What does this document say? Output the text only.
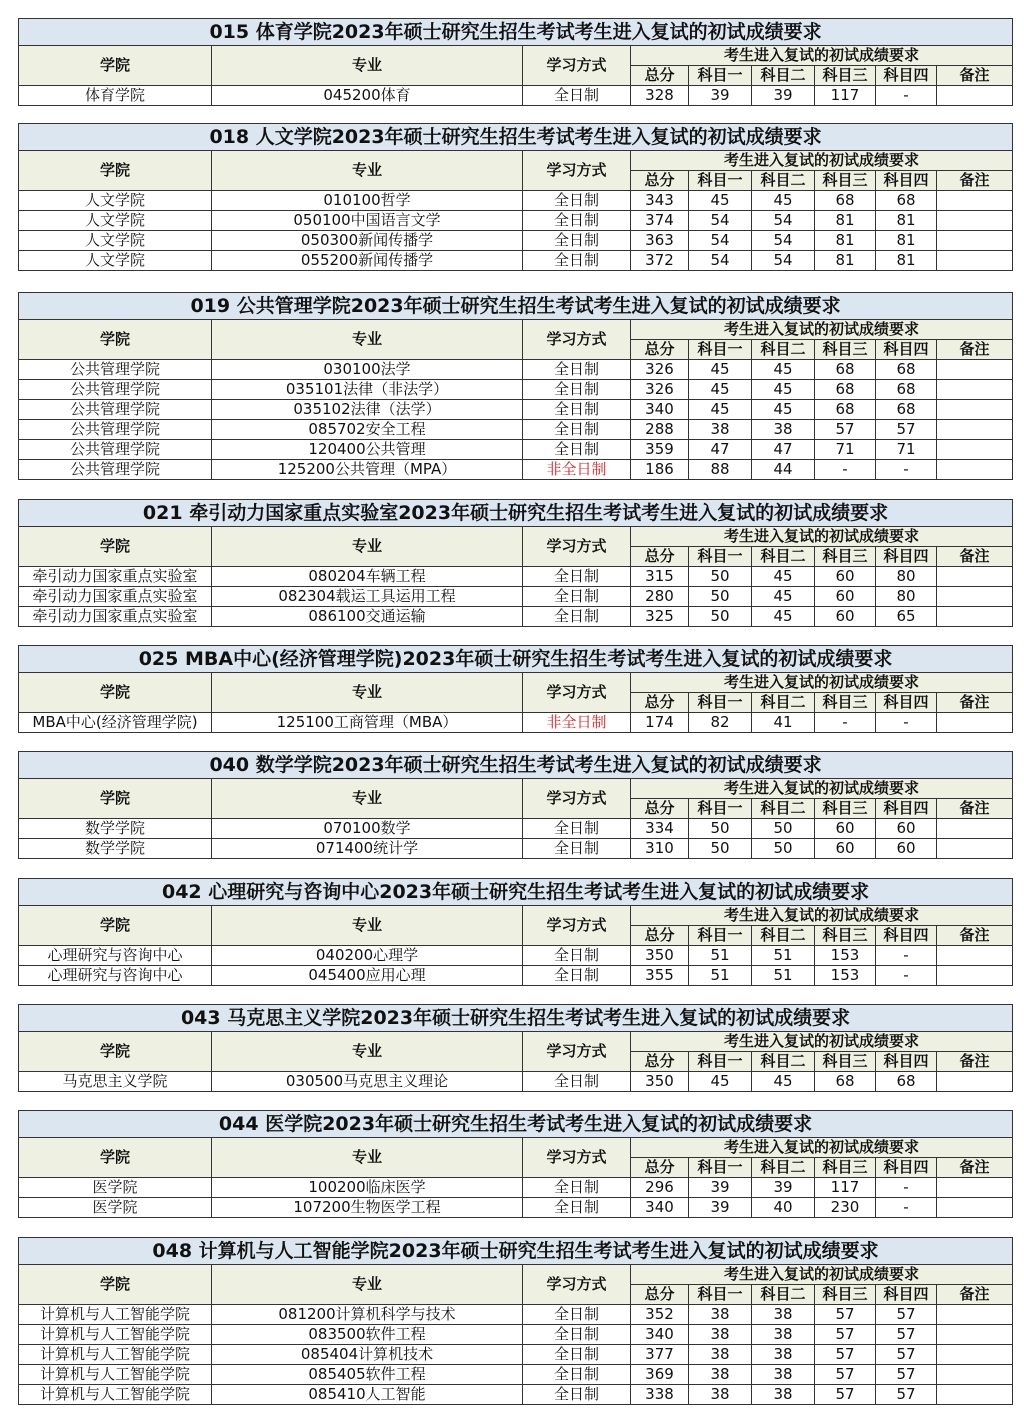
015 体育学院2023年硕士研究生招生考试考生进入复试的初试成绩要求								
学院	专业	学习方式	考生进入复试的初试成绩要求					
			总分	科目一	科目二	科目三	科目四	备注
体育学院	045200体育	全日制	328	39	39	117	-	
018 人文学院2023年硕士研究生招生考试考生进入复试的初试成绩要求								
学院	专业	学习方式	考生进入复试的初试成绩要求					
			总分	科目一	科目二	科目三	科目四	备注
人文学院	010100哲学	全日制	343	45	45	68	68	
人文学院	050100中国语言文学	全日制	374	54	54	81	81	
人文学院	050300新闻传播学	全日制	363	54	54	81	81	
人文学院	055200新闻传播学	全日制	372	54	54	81	81	
019 公共管理学院2023年硕士研究生招生考试考生进入复试的初试成绩要求								
学院	专业	学习方式	考生进入复试的初试成绩要求					
			总分	科目一	科目二	科目三	科目四	备注
公共管理学院	030100法学	全日制	326	45	45	68	68	
公共管理学院	035101法律（非法学）	全日制	326	45	45	68	68	
公共管理学院	035102法律（法学）	全日制	340	45	45	68	68	
公共管理学院	085702安全工程	全日制	288	38	38	57	57	
公共管理学院	120400公共管理	全日制	359	47	47	71	71	
公共管理学院	125200公共管理（MPA）	非全日制	186	88	44	-	-	
021 牵引动力国家重点实验室2023年硕士研究生招生考试考生进入复试的初试成绩要求								
学院	专业	学习方式	考生进入复试的初试成绩要求					
			总分	科目一	科目二	科目三	科目四	备注
牵引动力国家重点实验室	080204车辆工程	全日制	315	50	45	60	80	
牵引动力国家重点实验室	082304载运工具运用工程	全日制	280	50	45	60	80	
牵引动力国家重点实验室	086100交通运输	全日制	325	50	45	60	65	
025 MBA中心(经济管理学院)2023年硕士研究生招生考试考生进入复试的初试成绩要求								
学院	专业	学习方式	考生进入复试的初试成绩要求					
			总分	科目一	科目二	科目三	科目四	备注
MBA中心(经济管理学院)	125100工商管理（MBA）	非全日制	174	82	41	-	-	
040 数学学院2023年硕士研究生招生考试考生进入复试的初试成绩要求								
学院	专业	学习方式	考生进入复试的初试成绩要求					
			总分	科目一	科目二	科目三	科目四	备注
数学学院	070100数学	全日制	334	50	50	60	60	
数学学院	071400统计学	全日制	310	50	50	60	60	
042 心理研究与咨询中心2023年硕士研究生招生考试考生进入复试的初试成绩要求								
学院	专业	学习方式	考生进入复试的初试成绩要求					
			总分	科目一	科目二	科目三	科目四	备注
心理研究与咨询中心	040200心理学	全日制	350	51	51	153	-	
心理研究与咨询中心	045400应用心理	全日制	355	51	51	153	-	
043 马克思主义学院2023年硕士研究生招生考试考生进入复试的初试成绩要求								
学院	专业	学习方式	考生进入复试的初试成绩要求					
			总分	科目一	科目二	科目三	科目四	备注
马克思主义学院	030500马克思主义理论	全日制	350	45	45	68	68	
044 医学院2023年硕士研究生招生考试考生进入复试的初试成绩要求								
学院	专业	学习方式	考生进入复试的初试成绩要求					
			总分	科目一	科目二	科目三	科目四	备注
医学院	100200临床医学	全日制	296	39	39	117	-	
医学院	107200生物医学工程	全日制	340	39	40	230	-	
048 计算机与人工智能学院2023年硕士研究生招生考试考生进入复试的初试成绩要求								
学院	专业	学习方式	考生进入复试的初试成绩要求					
			总分	科目一	科目二	科目三	科目四	备注
计算机与人工智能学院	081200计算机科学与技术	全日制	352	38	38	57	57	
计算机与人工智能学院	083500软件工程	全日制	340	38	38	57	57	
计算机与人工智能学院	085404计算机技术	全日制	377	38	38	57	57	
计算机与人工智能学院	085405软件工程	全日制	369	38	38	57	57	
计算机与人工智能学院	085410人工智能	全日制	338	38	38	57	57	
